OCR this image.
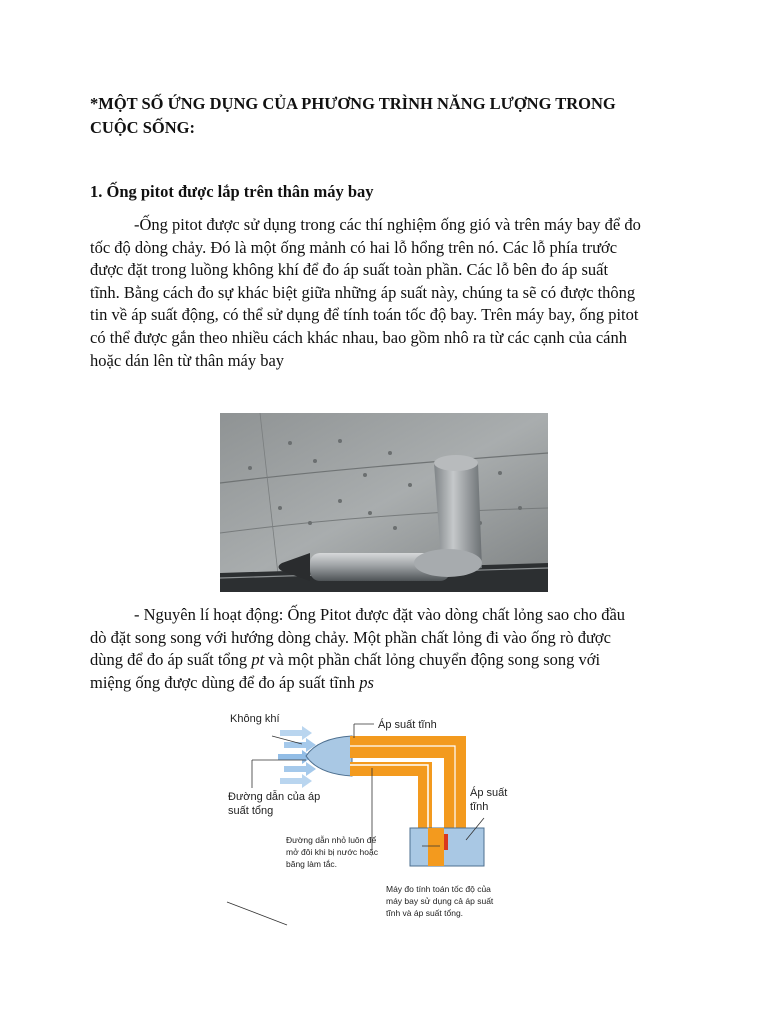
*MỘT SỐ ỨNG DỤNG CỦA PHƯƠNG TRÌNH NĂNG LƯỢNG TRONG
CUỘC SỐNG:
1. Ống pitot được lắp trên thân máy bay

-Ống pitot được sử dụng trong các thí nghiệm ống gió và trên máy bay để đo
tốc độ dòng chảy. Đó là một ống mảnh có hai lỗ hổng trên nó. Các lỗ phía trước
được đặt trong luồng không khí để đo áp suất toàn phần. Các lỗ bên đo áp suất
tĩnh. Bằng cách đo sự khác biệt giữa những áp suất này, chúng ta sẽ có được thông
tin về áp suất động, có thể sử dụng để tính toán tốc độ bay. Trên máy bay, ống pitot
có thể được gắn theo nhiều cách khác nhau, bao gồm nhô ra từ các cạnh của cánh
hoặc dán lên từ thân máy bay

- Nguyên lí hoạt động: Ống Pitot được đặt vào dòng chất lỏng sao cho đầu
dò đặt song song với hướng dòng chảy. Một phần chất lỏng đi vào ống rò được
dùng để đo áp suất tổng pt và một phần chất lỏng chuyển động song song với
miệng ống được dùng để đo áp suất tĩnh ps

Không khí	Áp suất tĩnh
Áp suất
tĩnh
Đường dẫn của áp
suất tổng
Đường dẫn nhỏ luôn để
mở đôi khi bị nước hoặc
băng làm tắc.
Máy đo tính toán tốc độ của
máy bay sử dụng cả áp suất
tĩnh và áp suất tổng.
